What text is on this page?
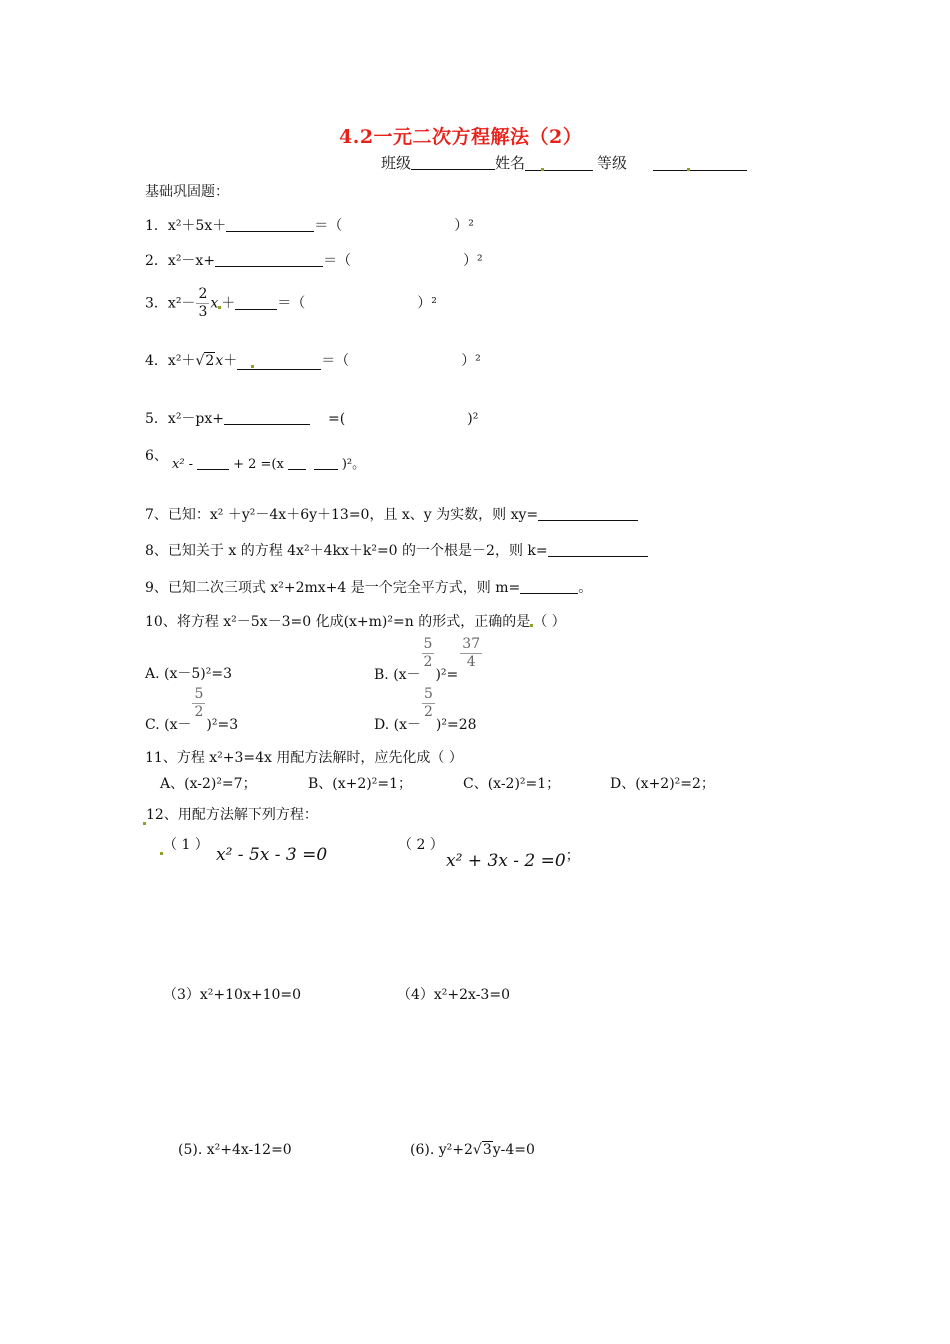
4.2一元二次方程解法（2）
班级	姓名	等级
基础巩固题：
1．x²＋5x＋	＝（	）²
2．x²－x+	＝（	）²
3．$x^2- \frac{2}{3}$ x ＋	＝（	）²
4．x²＋√2x＋	＝（	）²
5．x²－px+	=(	)²
6、
x² -	+ 2 =(x	)²。
7、已知：x² ＋y²－4x＋6y＋13=0，且 x、y 为实数，则 xy=
8、已知关于 x 的方程 4x²＋4kx＋k²=0 的一个根是－2，则 k=
9、已知二次三项式 x²+2mx+4 是一个完全平方式，则 m=	。
10、将方程 x²－5x－3=0 化成(x+m)²=n 的形式，正确的是 （ ）
A. (x－5)²=3	B. (x－
$\frac{5}{2}$
)²=
$\frac{37}{4}$
C. (x－
$\frac{5}{2}$
)²=3	D. (x－
$\frac{5}{2}$
)²=28
11、方程 x²+3=4x 用配方法解时，应先化成（ ）
A、(x-2)²=7；	B、(x+2)²=1；	C、(x-2)²=1；	D、(x+2)²=2；
12、用配方法解下列方程：
（ 1 ） x² - 5x - 3 =0	（ 2 ）
x² + 3x - 2 =0；
（3）x²+10x+10=0	（4）x²+2x-3=0
(5). x²+4x-12=0	(6). y²+2√3y-4=0
